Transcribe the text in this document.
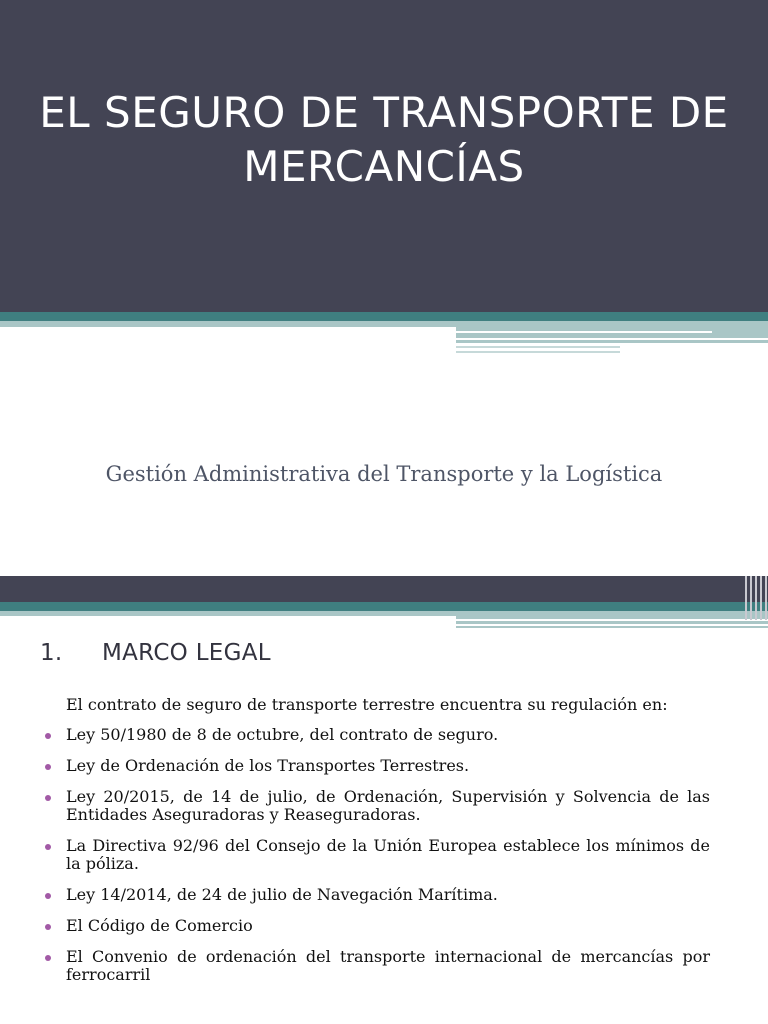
EL SEGURO DE TRANSPORTE DE
MERCANCÍAS
Gestión Administrativa del Transporte y la Logística
1. MARCO LEGAL

El contrato de seguro de transporte terrestre encuentra su regulación en:

Ley 50/1980 de 8 de octubre, del contrato de seguro.
Ley de Ordenación de los Transportes Terrestres.
Ley 20/2015, de 14 de julio, de Ordenación, Supervisión y Solvencia de las Entidades Aseguradoras y Reaseguradoras.
La Directiva 92/96 del Consejo de la Unión Europea establece los mínimos de la póliza.
Ley 14/2014, de 24 de julio de Navegación Marítima.
El Código de Comercio
El Convenio de ordenación del transporte internacional de mercancías por ferrocarril
